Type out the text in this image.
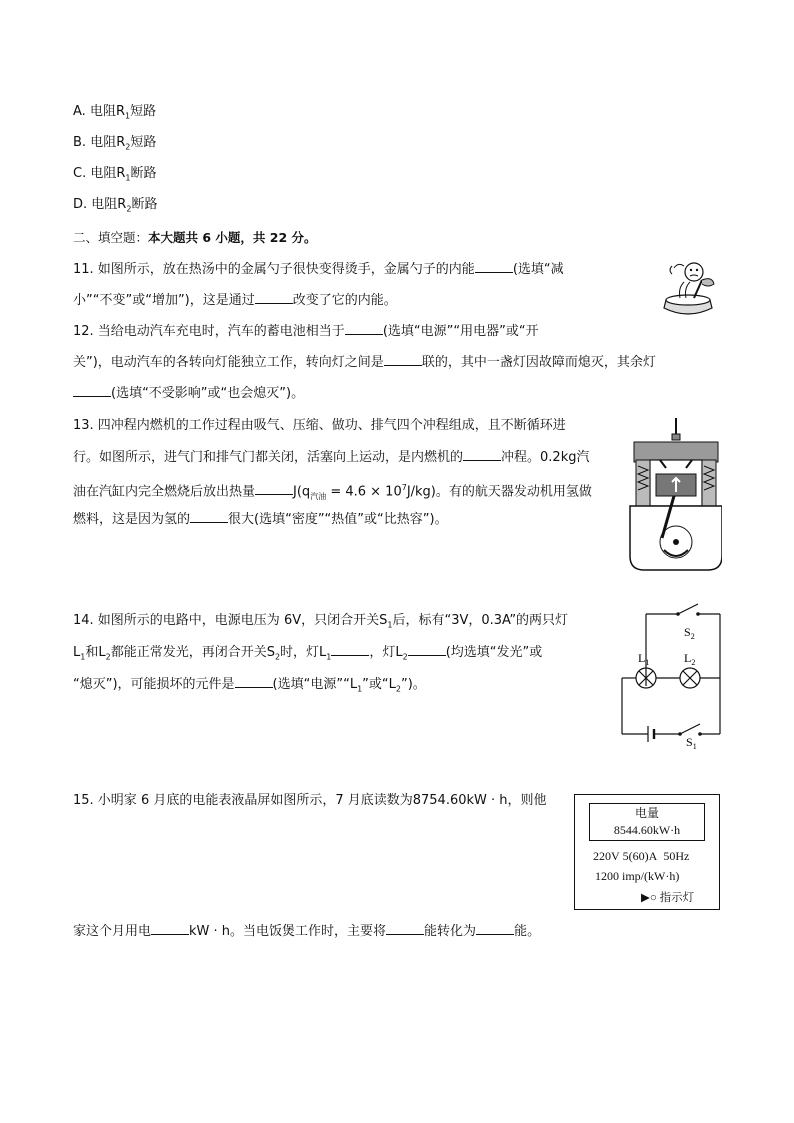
A. 电阻$R_1$短路
B. 电阻$R_2$短路
C. 电阻$R_1$断路
D. 电阻$R_2$断路
二、填空题：本大题共 6 小题，共 22 分。
11. 如图所示，放在热汤中的金属勺子很快变得烫手，金属勺子的内能	(选填“减
小”“不变”或“增加”)，这是通过	改变了它的内能。
12. 当给电动汽车充电时，汽车的蓄电池相当于	(选填“电源”“用电器”或“开
关”)，电动汽车的各转向灯能独立工作，转向灯之间是	联的，其中一盏灯因故障而熄灭，其余灯
(选填“不受影响”或“也会熄灭”)。
13. 四冲程内燃机的工作过程由吸气、压缩、做功、排气四个冲程组成，且不断循环进
行。如图所示，进气门和排气门都关闭，活塞向上运动，是内燃机的	冲程。0.2kg汽
油在汽缸内完全燃烧后放出热量	$J(q_{汽油} = 4.6 \times 10^7J/kg)$。有的航天器发动机用氢做
燃料，这是因为氢的	很大(选填“密度”“热值”或“比热容”)。
14. 如图所示的电路中，电源电压为 6V，只闭合开关$S_1$后，标有“3V，0.3A”的两只灯
$L_1$和$L_2$都能正常发光，再闭合开关$S_2$时，灯$L_1$	，灯$L_2$	(均选填“发光”或
“熄灭”)，可能损坏的元件是	(选填“电源$”“L_1$”或“$L_2$”)。
$S_2$
$L_1$	$L_2$
$S_1$
15. 小明家 6 月底的电能表液晶屏如图所示，7 月底读数为8754.60kW · h，则他
家这个月用电	kW · h。当电饭煲工作时，主要将	能转化为	能。
电量
8544.60kW·h
220V 5(60)A 50Hz
1200 imp/(kW·h)
▶○ 指示灯
